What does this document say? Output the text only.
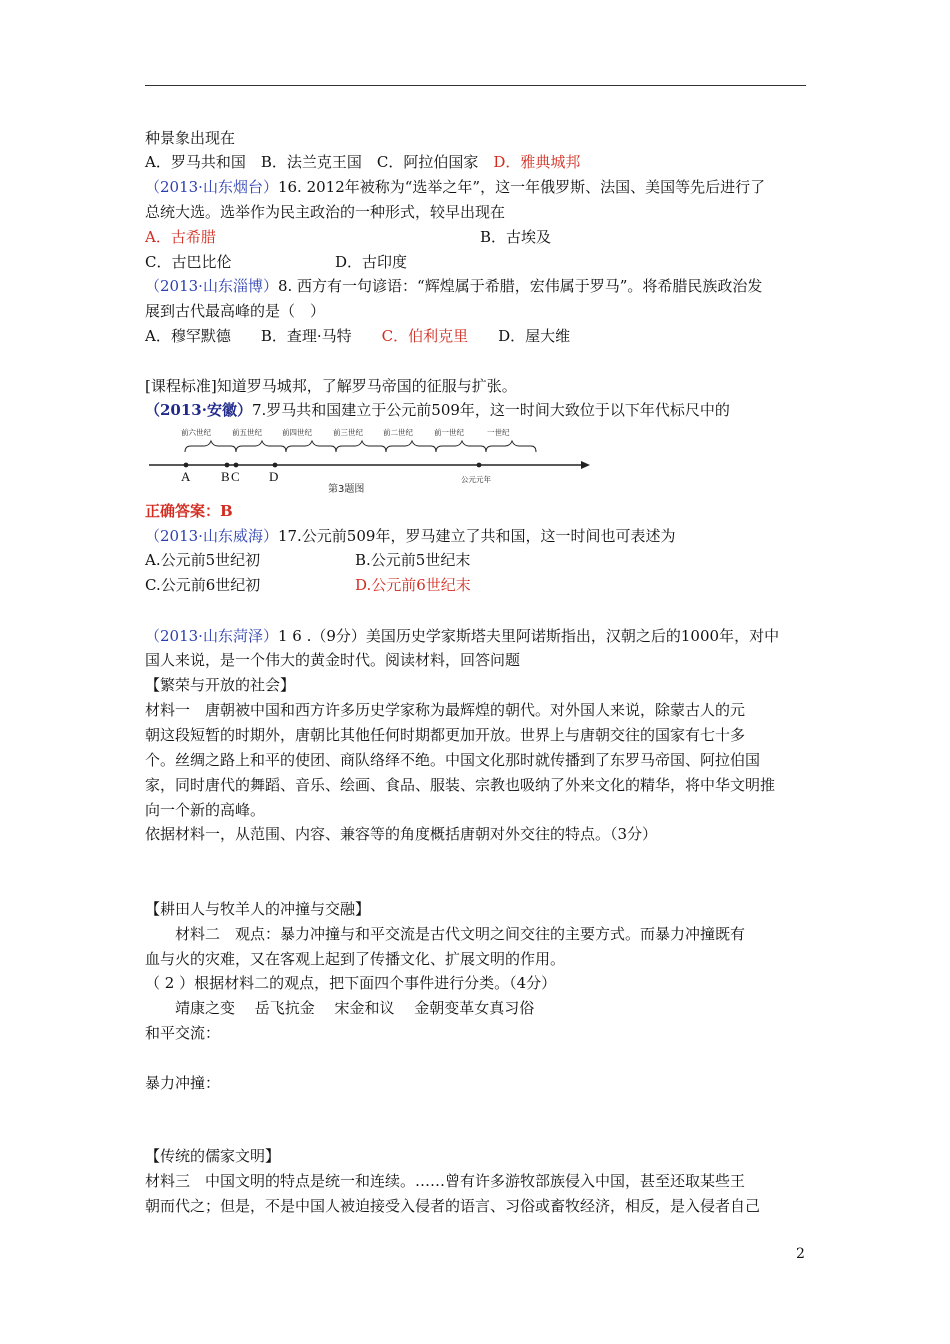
种景象出现在
A．罗马共和国　B．法兰克王国　C．阿拉伯国家　D．雅典城邦
（2013·山东烟台）16. 2012年被称为“选举之年”，这一年俄罗斯、法国、美国等先后进行了
总统大选。选举作为民主政治的一种形式，较早出现在
A．古希腊	B．古埃及
C．古巴比伦	D．古印度
（2013·山东淄博）8. 西方有一句谚语：“辉煌属于希腊，宏伟属于罗马”。将希腊民族政治发
展到古代最高峰的是（　）
A．穆罕默德　　B．查理·马特　　C．伯利克里　　D．屋大维
[课程标准]知道罗马城邦，了解罗马帝国的征服与扩张。
（2013·安徽）7.罗马共和国建立于公元前509年，这一时间大致位于以下年代标尺中的
前六世纪	前五世纪	前四世纪	前三世纪	前二世纪	前一世纪	一世纪
A B C D	公元元年
第3题图
正确答案：B
（2013·山东威海）17.公元前509年，罗马建立了共和国，这一时间也可表述为
A.公元前5世纪初	B.公元前5世纪末
C.公元前6世纪初	D.公元前6世纪末
（2013·山东菏泽）1 6 .（9分）美国历史学家斯塔夫里阿诺斯指出，汉朝之后的1000年，对中
国人来说，是一个伟大的黄金时代。阅读材料，回答问题
【繁荣与开放的社会】
材料一　唐朝被中国和西方许多历史学家称为最辉煌的朝代。对外国人来说，除蒙古人的元
朝这段短暂的时期外，唐朝比其他任何时期都更加开放。世界上与唐朝交往的国家有七十多
个。丝绸之路上和平的使团、商队络绎不绝。中国文化那时就传播到了东罗马帝国、阿拉伯国
家，同时唐代的舞蹈、音乐、绘画、食品、服装、宗教也吸纳了外来文化的精华，将中华文明推
向一个新的高峰。
依据材料一，从范围、内容、兼容等的角度概括唐朝对外交往的特点。（3分）
【耕田人与牧羊人的冲撞与交融】
　　材料二　观点：暴力冲撞与和平交流是古代文明之间交往的主要方式。而暴力冲撞既有
血与火的灾难，又在客观上起到了传播文化、扩展文明的作用。
（ 2 ）根据材料二的观点，把下面四个事件进行分类。（4分）
　　靖康之变　 岳飞抗金　 宋金和议　 金朝变革女真习俗
和平交流：
暴力冲撞：
【传统的儒家文明】
材料三　中国文明的特点是统一和连续。……曾有许多游牧部族侵入中国，甚至还取某些王
朝而代之；但是，不是中国人被迫接受入侵者的语言、习俗或畜牧经济，相反，是入侵者自己
2
